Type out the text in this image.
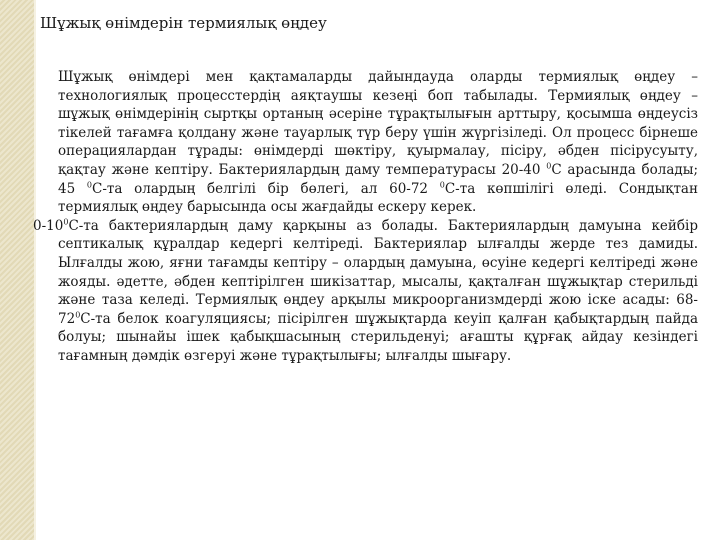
Шұжық өнімдерін термиялық өңдеу

Шұжық өнімдері мен қақтамаларды дайындауда оларды термиялық өңдеу – технологиялық процесстердің аяқтаушы кезеңі боп табылады. Термиялық өңдеу – шұжық өнімдерінің сыртқы ортаның әсеріне тұрақтылығын арттыру, қосымша өңдеусіз тікелей тағамға қолдану және тауарлық түр беру үшін жүргізіледі. Ол процесс бірнеше операциялардан тұрады: өнімдерді шөктіру, қуырмалау, пісіру, әбден пісірусуыту, қақтау және кептіру. Бактериялардың даму температурасы 20-40 $^0$С арасында болады; 45 $^0$С-та олардың белгілі бір бөлегі, ал 60-72 $^0$С-та көпшілігі өледі. Сондықтан термиялық өңдеу барысында осы жағдайды ескеру керек.

$0-10^0С-та$ бактериялардың даму қарқыны аз болады. Бактериялардың дамуына кейбір септикалық құралдар кедергі келтіреді. Бактериялар ылғалды жерде тез дамиды. Ылғалды жою, яғни тағамды кептіру – олардың дамуына, өсуіне кедергі келтіреді және жояды. әдетте, әбден кептірілген шикізаттар, мысалы, қақталған шұжықтар стерильді және таза келеді. Термиялық өңдеу арқылы микроорганизмдерді жою іске асады: $68-72^0С-та$ белок коагуляциясы; пісірілген шұжықтарда кеуіп қалған қабықтардың пайда болуы; шынайы ішек қабықшасының стерильденуі; ағашты құрғақ айдау кезіндегі тағамның дәмдік өзгеруі және тұрақтылығы; ылғалды шығару.
